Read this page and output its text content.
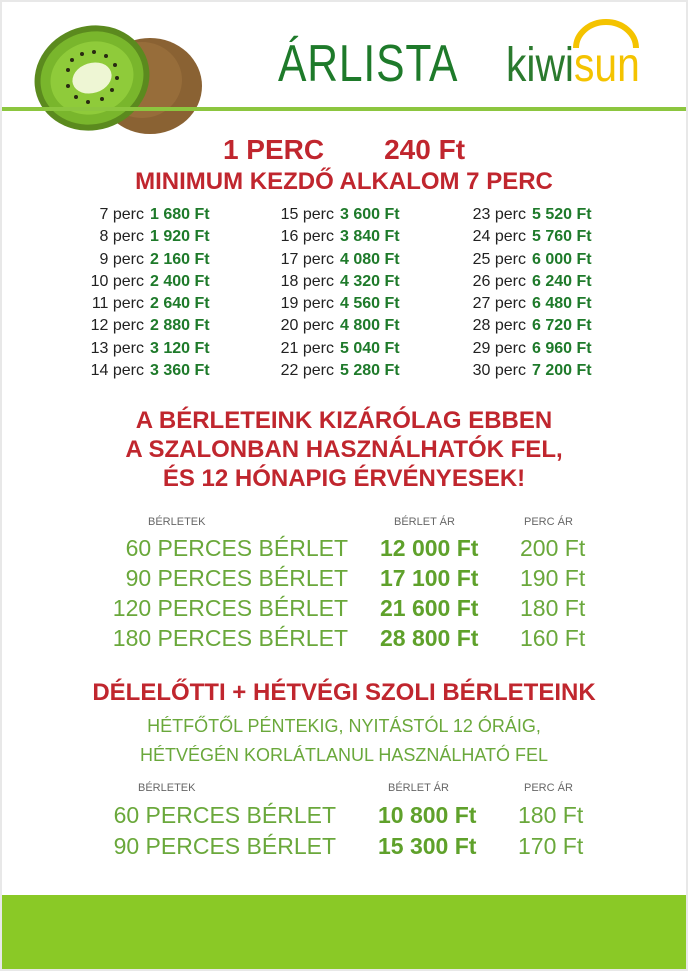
ÁRLISTA kiwisun
1 PERC 240 Ft
MINIMUM KEZDŐ ALKALOM 7 PERC
7 perc 1 680 Ft
8 perc 1 920 Ft
9 perc 2 160 Ft
10 perc 2 400 Ft
11 perc 2 640 Ft
12 perc 2 880 Ft
13 perc 3 120 Ft
14 perc 3 360 Ft
15 perc 3 600 Ft
16 perc 3 840 Ft
17 perc 4 080 Ft
18 perc 4 320 Ft
19 perc 4 560 Ft
20 perc 4 800 Ft
21 perc 5 040 Ft
22 perc 5 280 Ft
23 perc 5 520 Ft
24 perc 5 760 Ft
25 perc 6 000 Ft
26 perc 6 240 Ft
27 perc 6 480 Ft
28 perc 6 720 Ft
29 perc 6 960 Ft
30 perc 7 200 Ft
A BÉRLETEINK KIZÁRÓLAG EBBEN
A SZALONBAN HASZNÁLHATÓK FEL,
ÉS 12 HÓNAPIG ÉRVÉNYESEK!
BÉRLETEK	BÉRLET ÁR	PERC ÁR
60 PERCES BÉRLET 12 000 Ft 200 Ft
90 PERCES BÉRLET 17 100 Ft 190 Ft
120 PERCES BÉRLET 21 600 Ft 180 Ft
180 PERCES BÉRLET 28 800 Ft 160 Ft
DÉLELŐTTI + HÉTVÉGI SZOLI BÉRLETEINK
HÉTFŐTŐL PÉNTEKIG, NYITÁSTÓL 12 ÓRÁIG,
HÉTVÉGÉN KORLÁTLANUL HASZNÁLHATÓ FEL
BÉRLETEK	BÉRLET ÁR	PERC ÁR
60 PERCES BÉRLET 10 800 Ft 180 Ft
90 PERCES BÉRLET 15 300 Ft 170 Ft
